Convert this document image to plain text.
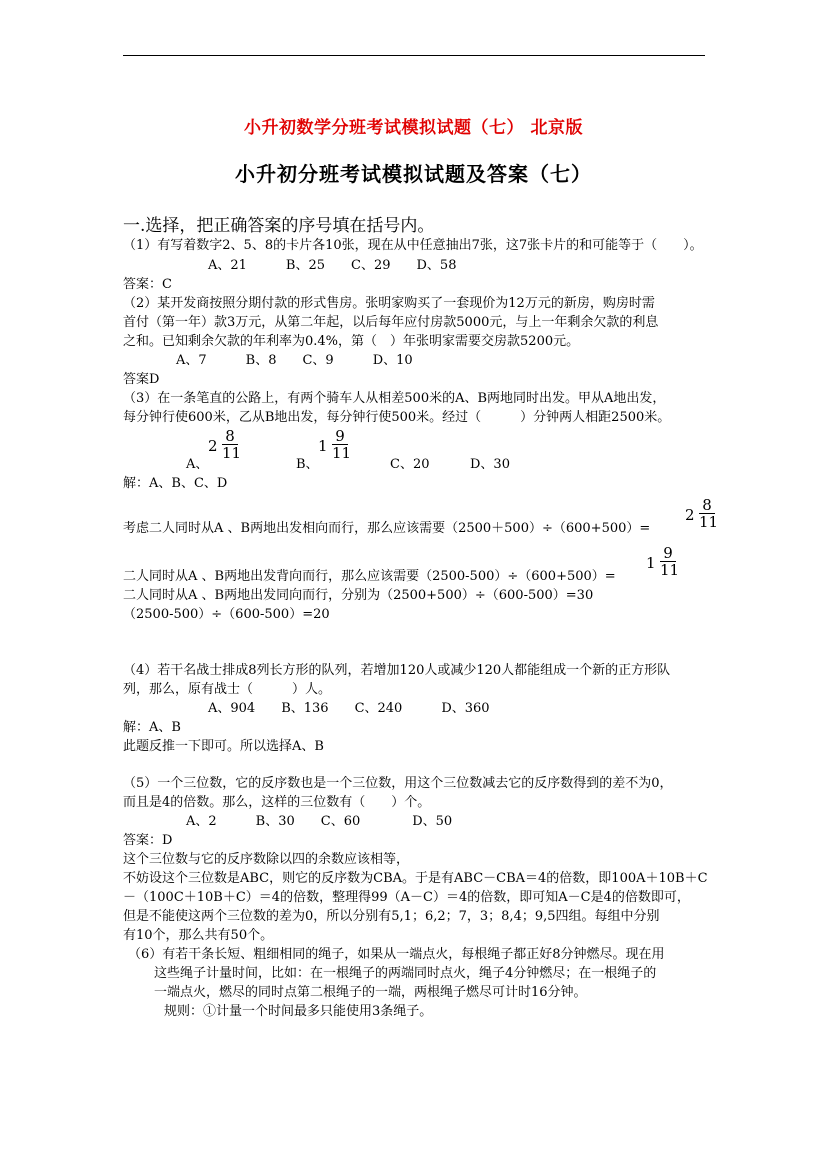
小升初数学分班考试模拟试题（七） 北京版
小升初分班考试模拟试题及答案（七）
一.选择，把正确答案的序号填在括号内。
（1）有写着数字2、5、8的卡片各10张，现在从中任意抽出7张，这7张卡片的和可能等于（　　）。
A、21　　　B、25　　C、29　　D、58
答案：C
（2）某开发商按照分期付款的形式售房。张明家购买了一套现价为12万元的新房，购房时需
首付（第一年）款3万元，从第二年起，以后每年应付房款5000元，与上一年剩余欠款的利息
之和。已知剩余欠款的年利率为0.4%，第（　）年张明家需要交房款5200元。
A、7　　　B、8　　C、9　　　D、10
答案D
（3）在一条笔直的公路上，有两个骑车人从相差500米的A、B两地同时出发。甲从A地出发，
每分钟行使600米，乙从B地出发，每分钟行使500米。经过（　　　）分钟两人相距2500米。
2
8
11	1
9
11
A、	B、	C、20	D、30
解：A、B、C、D
考虑二人同时从A 、B两地出发相向而行，那么应该需要（2500＋500）÷（600+500）=
2
8
11
二人同时从A 、B两地出发背向而行，那么应该需要（2500-500）÷（600+500）=
1
9
11
二人同时从A 、B两地出发同向而行，分别为（2500+500）÷（600-500）=30
（2500-500）÷（600-500）=20
（4）若干名战士排成8列长方形的队列，若增加120人或减少120人都能组成一个新的正方形队
列，那么，原有战士（　　　）人。
A、904　　B、136　　C、240　　　D、360
解：A、B
此题反推一下即可。所以选择A、B
（5）一个三位数，它的反序数也是一个三位数，用这个三位数减去它的反序数得到的差不为0，
而且是4的倍数。那么，这样的三位数有（　　）个。
A、2　　　B、30　　C、60　　　　D、50
答案：D
这个三位数与它的反序数除以四的余数应该相等，
不妨设这个三位数是ABC，则它的反序数为CBA。于是有ABC－CBA＝4的倍数，即100A＋10B＋C
－（100C＋10B＋C）＝4的倍数，整理得99（A－C）＝4的倍数，即可知A－C是4的倍数即可，
但是不能使这两个三位数的差为0，所以分别有5,1；6,2；7，3；8,4；9,5四组。每组中分别
有10个，那么共有50个。
（6）有若干条长短、粗细相同的绳子，如果从一端点火，每根绳子都正好8分钟燃尽。现在用
这些绳子计量时间，比如：在一根绳子的两端同时点火，绳子4分钟燃尽；在一根绳子的
一端点火，燃尽的同时点第二根绳子的一端，两根绳子燃尽可计时16分钟。
规则：①计量一个时间最多只能使用3条绳子。
